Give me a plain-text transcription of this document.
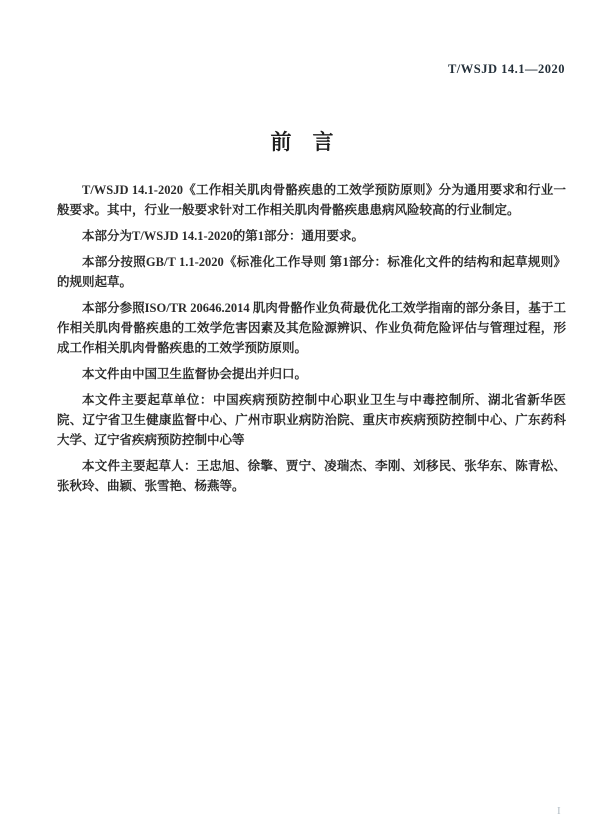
T/WSJD 14.1—2020
前　言

T/WSJD 14.1-2020《工作相关肌肉骨骼疾患的工效学预防原则》分为通用要求和行业一般要求。其中，行业一般要求针对工作相关肌肉骨骼疾患患病风险较高的行业制定。

本部分为T/WSJD 14.1-2020的第1部分：通用要求。

本部分按照GB/T 1.1-2020《标准化工作导则 第1部分：标准化文件的结构和起草规则》的规则起草。

本部分参照ISO/TR 20646.2014 肌肉骨骼作业负荷最优化工效学指南的部分条目，基于工作相关肌肉骨骼疾患的工效学危害因素及其危险源辨识、作业负荷危险评估与管理过程，形成工作相关肌肉骨骼疾患的工效学预防原则。

本文件由中国卫生监督协会提出并归口。

本文件主要起草单位：中国疾病预防控制中心职业卫生与中毒控制所、湖北省新华医院、辽宁省卫生健康监督中心、广州市职业病防治院、重庆市疾病预防控制中心、广东药科大学、辽宁省疾病预防控制中心等

本文件主要起草人：王忠旭、徐擎、贾宁、凌瑞杰、李刚、刘移民、张华东、陈青松、张秋玲、曲颖、张雪艳、杨燕等。

I
